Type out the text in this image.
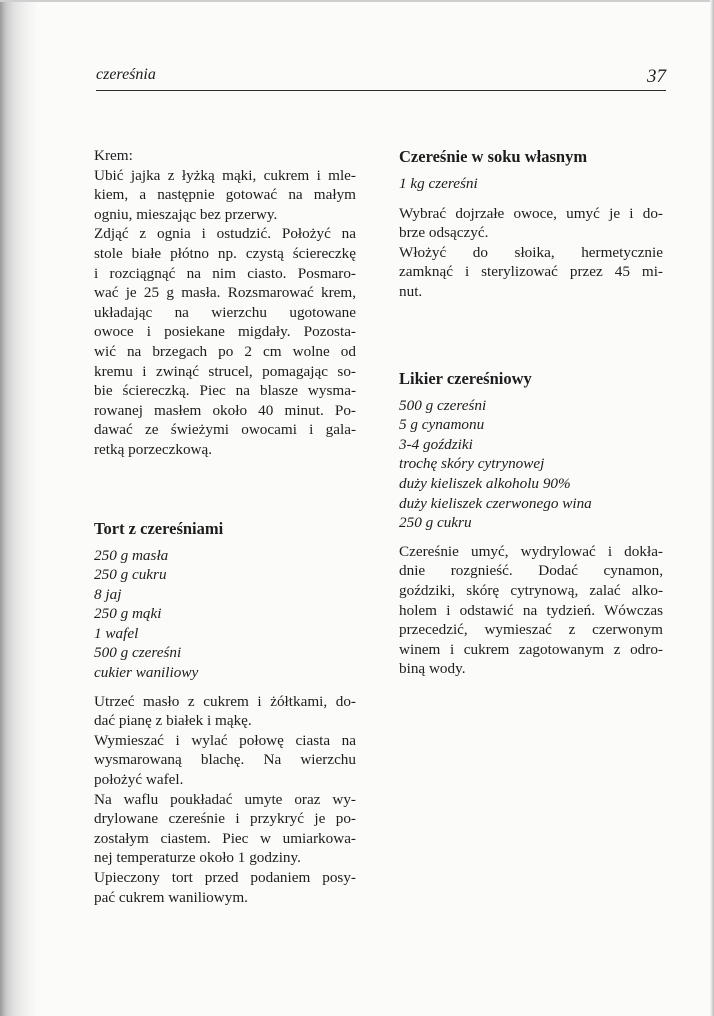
czereśnia	37
Krem:
Ubić jajka z łyżką mąki, cukrem i mle-
kiem, a następnie gotować na małym
ogniu, mieszając bez przerwy.
Zdjąć z ognia i ostudzić. Położyć na
stole białe płótno np. czystą ściereczkę
i rozciągnąć na nim ciasto. Posmaro-
wać je 25 g masła. Rozsmarować krem,
układając na wierzchu ugotowane
owoce i posiekane migdały. Pozosta-
wić na brzegach po 2 cm wolne od
kremu i zwinąć strucel, pomagając so-
bie ściereczką. Piec na blasze wysma-
rowanej masłem około 40 minut. Po-
dawać ze świeżymi owocami i gala-
retką porzeczkową.
Tort z czereśniami
250 g masła
250 g cukru
8 jaj
250 g mąki
1 wafel
500 g czereśni
cukier waniliowy
Utrzeć masło z cukrem i żółtkami, do-
dać pianę z białek i mąkę.
Wymieszać i wylać połowę ciasta na
wysmarowaną blachę. Na wierzchu
położyć wafel.
Na waflu poukładać umyte oraz wy-
drylowane czereśnie i przykryć je po-
zostałym ciastem. Piec w umiarkowa-
nej temperaturze około 1 godziny.
Upieczony tort przed podaniem posy-
pać cukrem waniliowym.
Czereśnie w soku własnym
1 kg czereśni
Wybrać dojrzałe owoce, umyć je i do-
brze odsączyć.
Włożyć do słoika, hermetycznie
zamknąć i sterylizować przez 45 mi-
nut.
Likier czereśniowy
500 g czereśni
5 g cynamonu
3-4 goździki
trochę skóry cytrynowej
duży kieliszek alkoholu 90%
duży kieliszek czerwonego wina
250 g cukru
Czereśnie umyć, wydrylować i dokła-
dnie rozgnieść. Dodać cynamon,
goździki, skórę cytrynową, zalać alko-
holem i odstawić na tydzień. Wówczas
przecedzić, wymieszać z czerwonym
winem i cukrem zagotowanym z odro-
biną wody.
